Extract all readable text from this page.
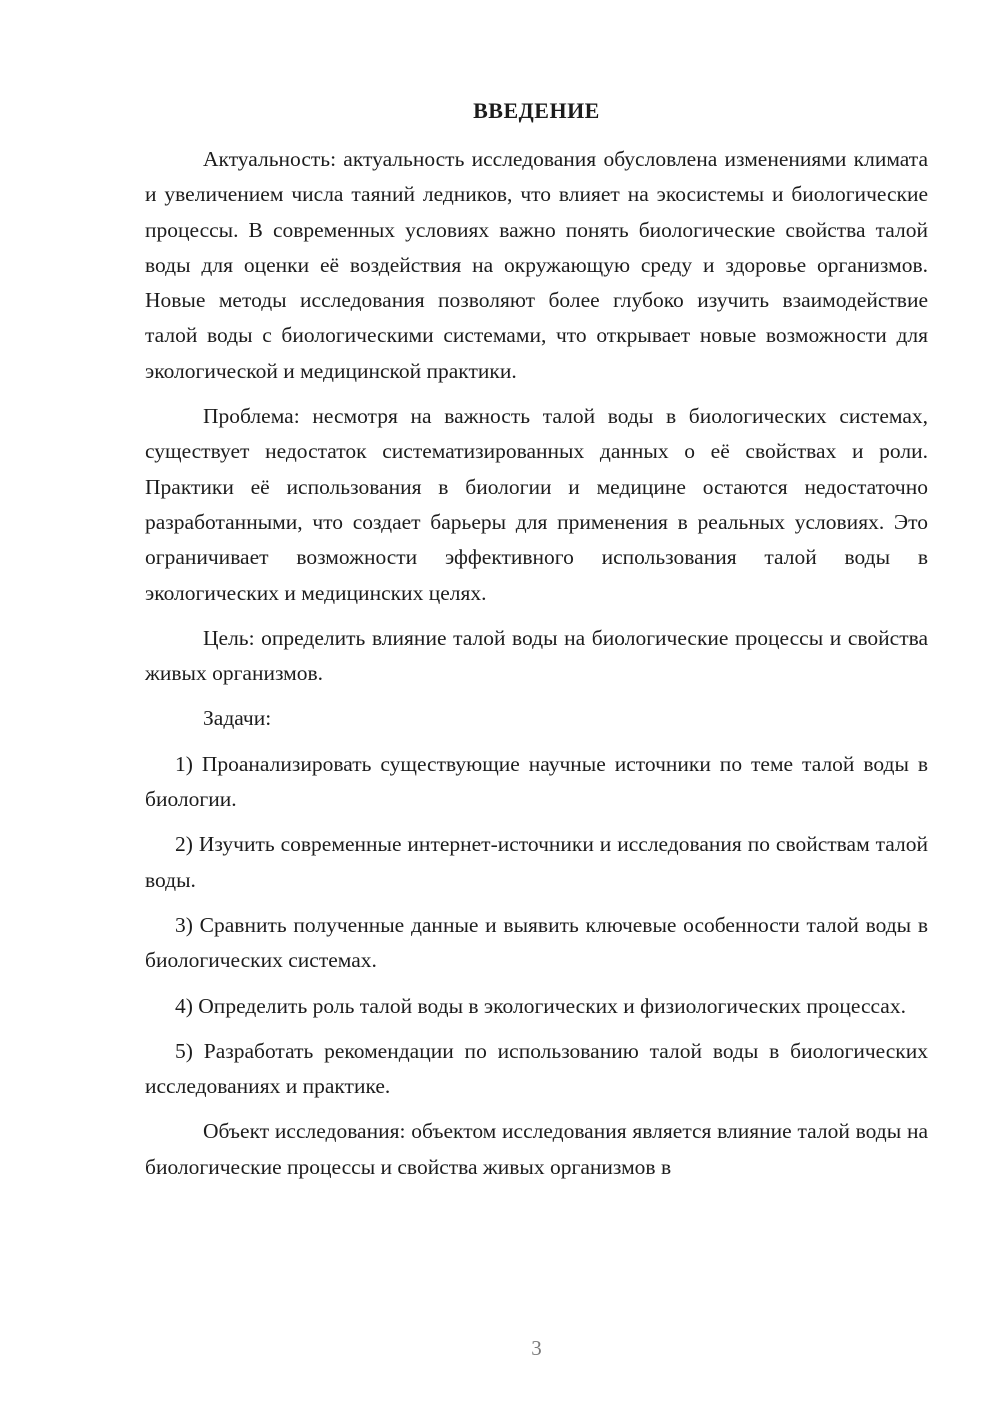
ВВЕДЕНИЕ

Актуальность: актуальность исследования обусловлена изменениями климата и увеличением числа таяний ледников, что влияет на экосистемы и биологические процессы. В современных условиях важно понять биологические свойства талой воды для оценки её воздействия на окружающую среду и здоровье организмов. Новые методы исследования позволяют более глубоко изучить взаимодействие талой воды с биологическими системами, что открывает новые возможности для экологической и медицинской практики.

Проблема: несмотря на важность талой воды в биологических системах, существует недостаток систематизированных данных о её свойствах и роли. Практики её использования в биологии и медицине остаются недостаточно разработанными, что создает барьеры для применения в реальных условиях. Это ограничивает возможности эффективного использования талой воды в экологических и медицинских целях.

Цель: определить влияние талой воды на биологические процессы и свойства живых организмов.

Задачи:

1) Проанализировать существующие научные источники по теме талой воды в биологии.

2) Изучить современные интернет-источники и исследования по свойствам талой воды.

3) Сравнить полученные данные и выявить ключевые особенности талой воды в биологических системах.

4) Определить роль талой воды в экологических и физиологических процессах.

5) Разработать рекомендации по использованию талой воды в биологических исследованиях и практике.

Объект исследования: объектом исследования является влияние талой воды на биологические процессы и свойства живых организмов в

3
